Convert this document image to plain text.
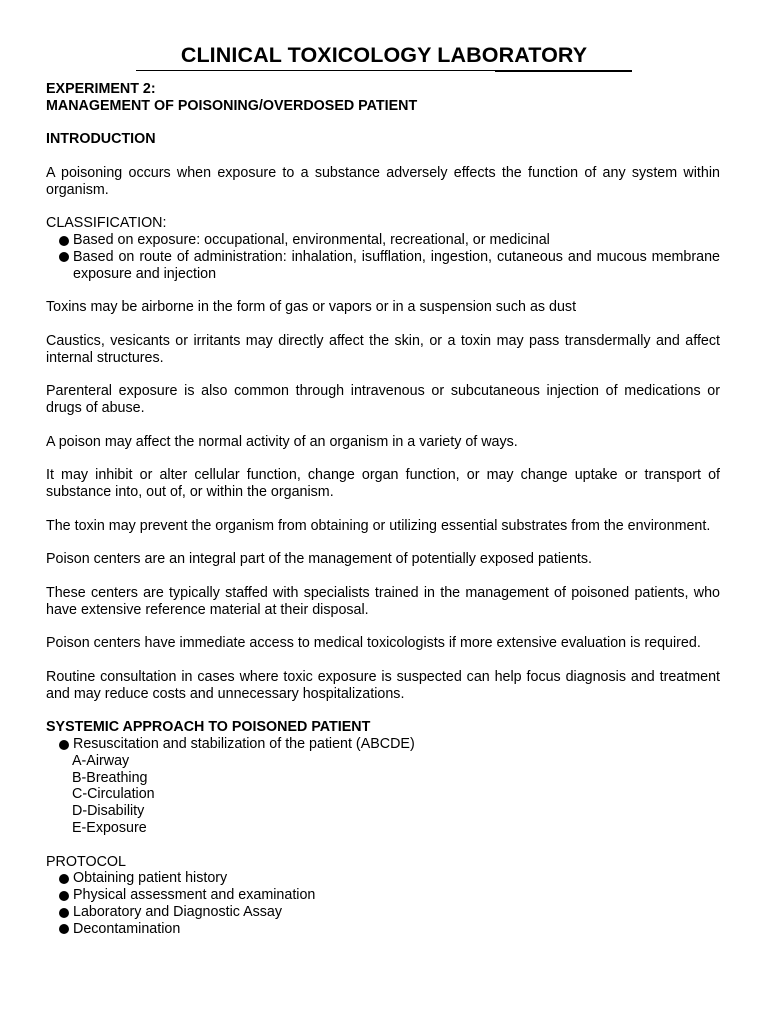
CLINICAL TOXICOLOGY LABORATORY

EXPERIMENT 2:

MANAGEMENT OF POISONING/OVERDOSED PATIENT

INTRODUCTION

A poisoning occurs when exposure to a substance adversely effects the function of any system within organism.

CLASSIFICATION:

Based on exposure: occupational, environmental, recreational, or medicinal
Based on route of administration: inhalation, isufflation, ingestion, cutaneous and mucous membrane exposure and injection

Toxins may be airborne in the form of gas or vapors or in a suspension such as dust

Caustics, vesicants or irritants may directly affect the skin, or a toxin may pass transdermally and affect internal structures.

Parenteral exposure is also common through intravenous or subcutaneous injection of medications or drugs of abuse.

A poison may affect the normal activity of an organism in a variety of ways.

It may inhibit or alter cellular function, change organ function, or may change uptake or transport of substance into, out of, or within the organism.

The toxin may prevent the organism from obtaining or utilizing essential substrates from the environment.

Poison centers are an integral part of the management of potentially exposed patients.

These centers are typically staffed with specialists trained in the management of poisoned patients, who have extensive reference material at their disposal.

Poison centers have immediate access to medical toxicologists if more extensive evaluation is required.

Routine consultation in cases where toxic exposure is suspected can help focus diagnosis and treatment and may reduce costs and unnecessary hospitalizations.

SYSTEMIC APPROACH TO POISONED PATIENT

Resuscitation and stabilization of the patient (ABCDE)

A-Airway

B-Breathing

C-Circulation

D-Disability

E-Exposure

PROTOCOL

Obtaining patient history
Physical assessment and examination
Laboratory and Diagnostic Assay
Decontamination
